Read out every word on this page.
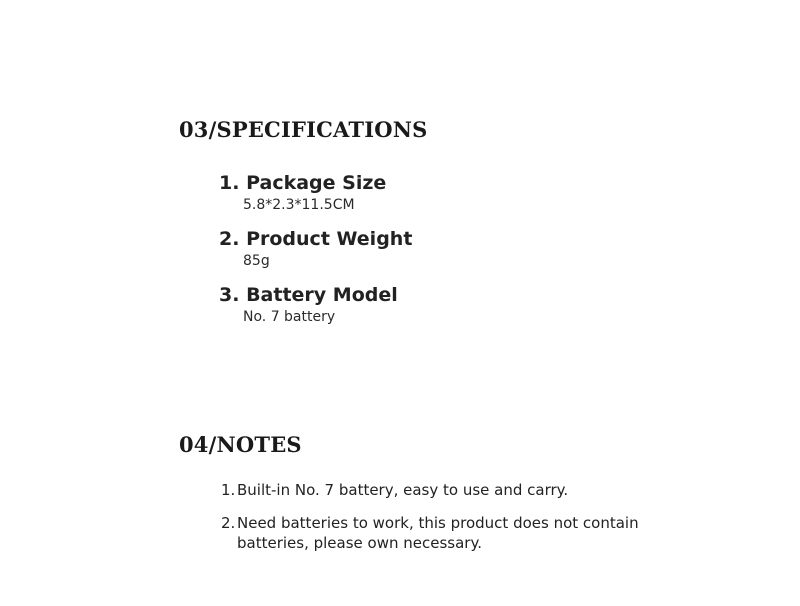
03/SPECIFICATIONS
1. Package Size
5.8*2.3*11.5CM
2. Product Weight
85g
3. Battery Model
No. 7 battery
04/NOTES
1. Built-in No. 7 battery, easy to use and carry.
2. Need batteries to work, this product does not contain batteries, please own necessary.
